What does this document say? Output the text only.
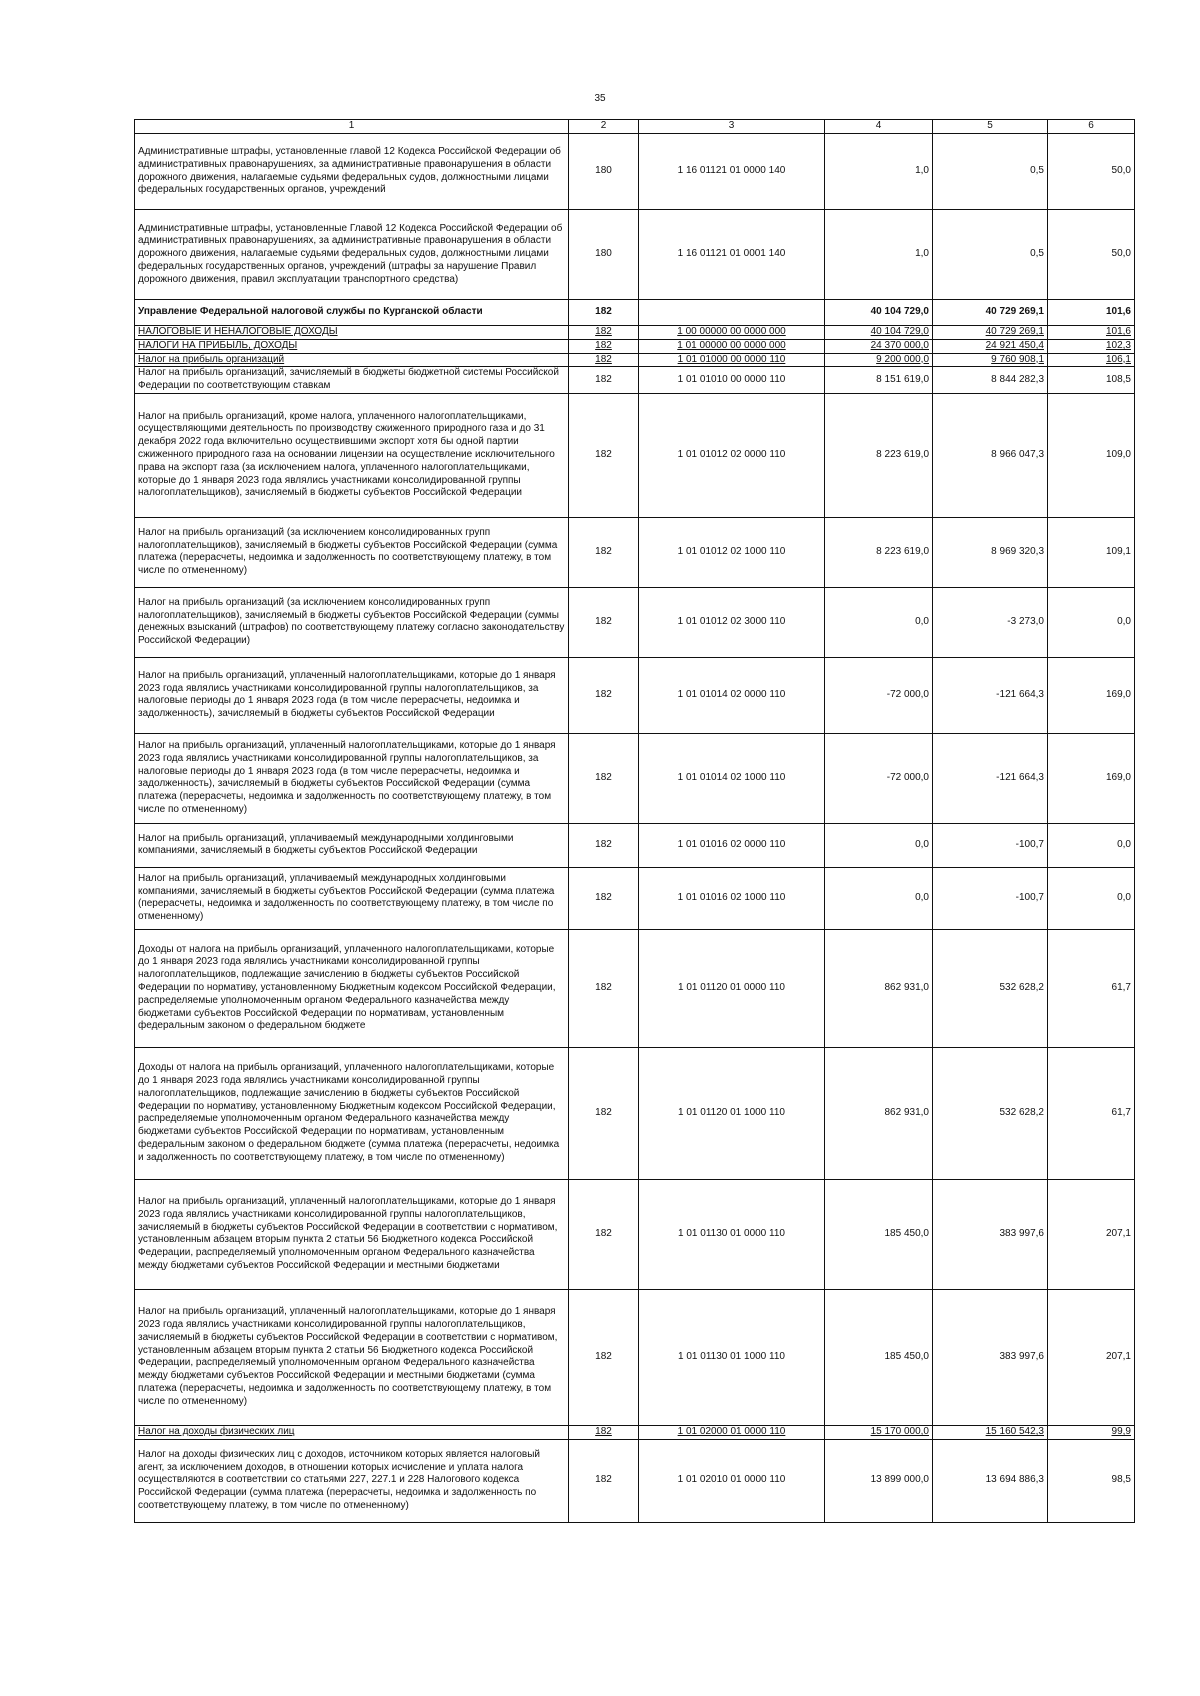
35
1	2	3	4	5	6
Административные штрафы, установленные главой 12 Кодекса Российской Федерации об административных правонарушениях, за административные правонарушения в области дорожного движения, налагаемые судьями федеральных судов, должностными лицами федеральных государственных органов, учреждений	180	1 16 01121 01 0000 140	1,0	0,5	50,0
Административные штрафы, установленные Главой 12 Кодекса Российской Федерации об административных правонарушениях, за административные правонарушения в области дорожного движения, налагаемые судьями федеральных судов, должностными лицами федеральных государственных органов, учреждений (штрафы за нарушение Правил дорожного движения, правил эксплуатации транспортного средства)	180	1 16 01121 01 0001 140	1,0	0,5	50,0
Управление Федеральной налоговой службы по Курганской области	182		40 104 729,0	40 729 269,1	101,6
НАЛОГОВЫЕ И НЕНАЛОГОВЫЕ ДОХОДЫ	182	1 00 00000 00 0000 000	40 104 729,0	40 729 269,1	101,6
НАЛОГИ НА ПРИБЫЛЬ, ДОХОДЫ	182	1 01 00000 00 0000 000	24 370 000,0	24 921 450,4	102,3
Налог на прибыль организаций	182	1 01 01000 00 0000 110	9 200 000,0	9 760 908,1	106,1
Налог на прибыль организаций, зачисляемый в бюджеты бюджетной системы Российской Федерации по соответствующим ставкам	182	1 01 01010 00 0000 110	8 151 619,0	8 844 282,3	108,5
Налог на прибыль организаций, кроме налога, уплаченного налогоплательщиками, осуществляющими деятельность по производству сжиженного природного газа и до 31 декабря 2022 года включительно осуществившими экспорт хотя бы одной партии сжиженного природного газа на основании лицензии на осуществление исключительного права на экспорт газа (за исключением налога, уплаченного налогоплательщиками, которые до 1 января 2023 года являлись участниками консолидированной группы налогоплательщиков), зачисляемый в бюджеты субъектов Российской Федерации	182	1 01 01012 02 0000 110	8 223 619,0	8 966 047,3	109,0
Налог на прибыль организаций (за исключением консолидированных групп налогоплательщиков), зачисляемый в бюджеты субъектов Российской Федерации (сумма платежа (перерасчеты, недоимка и задолженность по соответствующему платежу, в том числе по отмененному)	182	1 01 01012 02 1000 110	8 223 619,0	8 969 320,3	109,1
Налог на прибыль организаций (за исключением консолидированных групп налогоплательщиков), зачисляемый в бюджеты субъектов Российской Федерации (суммы денежных взысканий (штрафов) по соответствующему платежу согласно законодательству Российской Федерации)	182	1 01 01012 02 3000 110	0,0	-3 273,0	0,0
Налог на прибыль организаций, уплаченный налогоплательщиками, которые до 1 января 2023 года являлись участниками консолидированной группы налогоплательщиков, за налоговые периоды до 1 января 2023 года (в том числе перерасчеты, недоимка и задолженность), зачисляемый в бюджеты субъектов Российской Федерации	182	1 01 01014 02 0000 110	-72 000,0	-121 664,3	169,0
Налог на прибыль организаций, уплаченный налогоплательщиками, которые до 1 января 2023 года являлись участниками консолидированной группы налогоплательщиков, за налоговые периоды до 1 января 2023 года (в том числе перерасчеты, недоимка и задолженность), зачисляемый в бюджеты субъектов Российской Федерации (сумма платежа (перерасчеты, недоимка и задолженность по соответствующему платежу, в том числе по отмененному)	182	1 01 01014 02 1000 110	-72 000,0	-121 664,3	169,0
Налог на прибыль организаций, уплачиваемый международными холдинговыми компаниями, зачисляемый в бюджеты субъектов Российской Федерации	182	1 01 01016 02 0000 110	0,0	-100,7	0,0
Налог на прибыль организаций, уплачиваемый международных холдинговыми компаниями, зачисляемый в бюджеты субъектов Российской Федерации (сумма платежа (перерасчеты, недоимка и задолженность по соответствующему платежу, в том числе по отмененному)	182	1 01 01016 02 1000 110	0,0	-100,7	0,0
Доходы от налога на прибыль организаций, уплаченного налогоплательщиками, которые до 1 января 2023 года являлись участниками консолидированной группы налогоплательщиков, подлежащие зачислению в бюджеты субъектов Российской Федерации по нормативу, установленному Бюджетным кодексом Российской Федерации, распределяемые уполномоченным органом Федерального казначейства между бюджетами субъектов Российской Федерации по нормативам, установленным федеральным законом о федеральном бюджете	182	1 01 01120 01 0000 110	862 931,0	532 628,2	61,7
Доходы от налога на прибыль организаций, уплаченного налогоплательщиками, которые до 1 января 2023 года являлись участниками консолидированной группы налогоплательщиков, подлежащие зачислению в бюджеты субъектов Российской Федерации по нормативу, установленному Бюджетным кодексом Российской Федерации, распределяемые уполномоченным органом Федерального казначейства между бюджетами субъектов Российской Федерации по нормативам, установленным федеральным законом о федеральном бюджете (сумма платежа (перерасчеты, недоимка и задолженность по соответствующему платежу, в том числе по отмененному)	182	1 01 01120 01 1000 110	862 931,0	532 628,2	61,7
Налог на прибыль организаций, уплаченный налогоплательщиками, которые до 1 января 2023 года являлись участниками консолидированной группы налогоплательщиков, зачисляемый в бюджеты субъектов Российской Федерации в соответствии с нормативом, установленным абзацем вторым пункта 2 статьи 56 Бюджетного кодекса Российской Федерации, распределяемый уполномоченным органом Федерального казначейства между бюджетами субъектов Российской Федерации и местными бюджетами	182	1 01 01130 01 0000 110	185 450,0	383 997,6	207,1
Налог на прибыль организаций, уплаченный налогоплательщиками, которые до 1 января 2023 года являлись участниками консолидированной группы налогоплательщиков, зачисляемый в бюджеты субъектов Российской Федерации в соответствии с нормативом, установленным абзацем вторым пункта 2 статьи 56 Бюджетного кодекса Российской Федерации, распределяемый уполномоченным органом Федерального казначейства между бюджетами субъектов Российской Федерации и местными бюджетами (сумма платежа (перерасчеты, недоимка и задолженность по соответствующему платежу, в том числе по отмененному)	182	1 01 01130 01 1000 110	185 450,0	383 997,6	207,1
Налог на доходы физических лиц	182	1 01 02000 01 0000 110	15 170 000,0	15 160 542,3	99,9
Налог на доходы физических лиц с доходов, источником которых является налоговый агент, за исключением доходов, в отношении которых исчисление и уплата налога осуществляются в соответствии со статьями 227, 227.1 и 228 Налогового кодекса Российской Федерации (сумма платежа (перерасчеты, недоимка и задолженность по соответствующему платежу, в том числе по отмененному)	182	1 01 02010 01 0000 110	13 899 000,0	13 694 886,3	98,5
